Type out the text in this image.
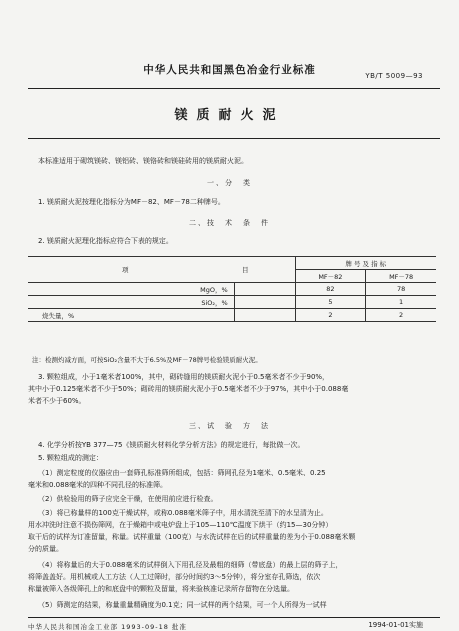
中华人民共和国黑色冶金行业标准	YB/T 5009—93
镁质耐火泥
本标准适用于砌筑镁砖、镁铝砖、镁铬砖和镁硅砖用的镁质耐火泥。
一、分　类
1. 镁质耐火泥按理化指标分为MF－82、MF－78二种牌号。
二、技　术　条　件
2. 镁质耐火泥理化指标应符合下表的规定。
项 目		牌 号 及 指 标	
		MF－82	MF－78
MgO，%		82	78
SiO₂，%		5	1
烧失量，%		2	2
注：检测灼减方面，可按SiO₂含量不大于6.5%及MF－78牌号检验镁质耐火泥。
3. 颗粒组成，小于1毫米者100%，其中，砌砖缝用的镁质耐火泥小于0.5毫米者不少于90%，
其中小于0.125毫米者不少于50%；砌砖用的镁质耐火泥小于0.5毫米者不少于97%，其中小于0.088毫
米者不少于60%。
三、试　验　方　法
4. 化学分析按YB 377—75《镁质耐火材料化学分析方法》的规定进行，每批做一次。
5. 颗粒组成的测定：
（1）测定粒度的仪器应由一套筛孔标准筛所组成，包括：筛网孔径为1毫米、0.5毫米、0.25
毫米和0.088毫米的四种不同孔径的标准筛。
（2）供检验用的筛子应完全干燥，在使用前应进行检查。
（3）将已称量样的100克干燥试样，或称0.088毫米筛子中，用水清洗至清下的水呈清为止。
用水冲洗时注意不损伤筛网，在于燥箱中或电炉盘上于105—110℃温度下烘干（约15—30分钟）
取干后的试样为订准留量，称量。试样重量（100克）与水洗试样在后的试样重量的差为小于0.088毫米颗
分的质量。
（4）将称量后的大于0.088毫米的试样倒入下用孔径及最粗的细筛（带底盘）的最上层的筛子上，
将筛盖盖好。用机械或人工方法（人工过筛时，部分时间约3～5分钟），将分室存孔筛选，依次
称量被筛入各级筛孔上的和底盘中的颗粒及留量，将来验核准记录所存留物在分选量。
（5）筛测定的结果，称量重量精确度为0.1克；同一试样的两个结果，可一个人所得为一试样
中华人民共和国冶金工业部 1993-09-18 批准	1994-01-01实施
